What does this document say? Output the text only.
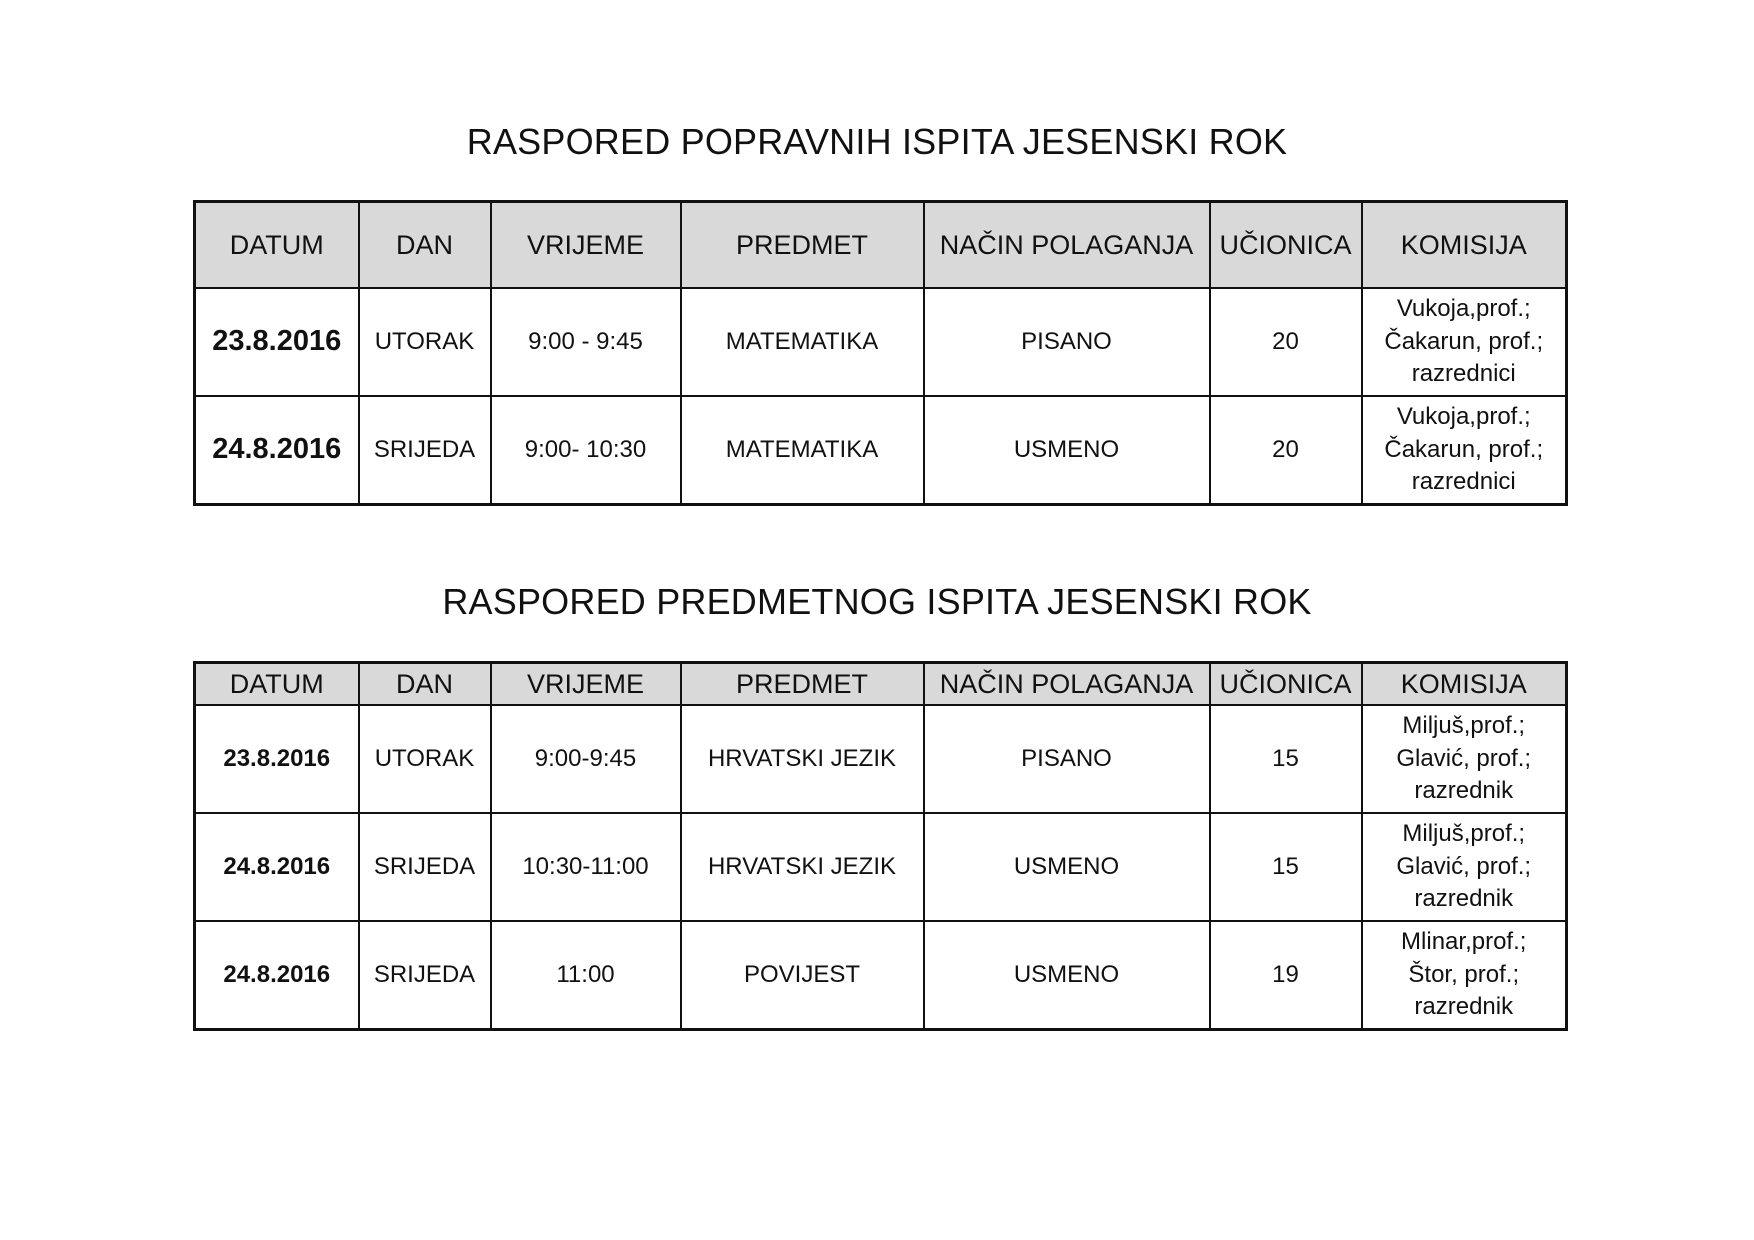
RASPORED POPRAVNIH ISPITA JESENSKI ROK
DATUM	DAN	VRIJEME	PREDMET	NAČIN POLAGANJA	UČIONICA	KOMISIJA
23.8.2016	UTORAK	9:00 - 9:45	MATEMATIKA	PISANO	20	Vukoja,prof.;
Čakarun, prof.;
razrednici

24.8.2016	SRIJEDA	9:00- 10:30	MATEMATIKA	USMENO	20	Vukoja,prof.;
Čakarun, prof.;
razrednici
RASPORED PREDMETNOG ISPITA JESENSKI ROK
DATUM	DAN	VRIJEME	PREDMET	NAČIN POLAGANJA	UČIONICA	KOMISIJA
23.8.2016	UTORAK	9:00-9:45	HRVATSKI JEZIK	PISANO	15	Miljuš,prof.;
Glavić, prof.;
razrednik

24.8.2016	SRIJEDA	10:30-11:00	HRVATSKI JEZIK	USMENO	15	Miljuš,prof.;
Glavić, prof.;
razrednik

24.8.2016	SRIJEDA	11:00	POVIJEST	USMENO	19	Mlinar,prof.;
Štor, prof.;
razrednik
